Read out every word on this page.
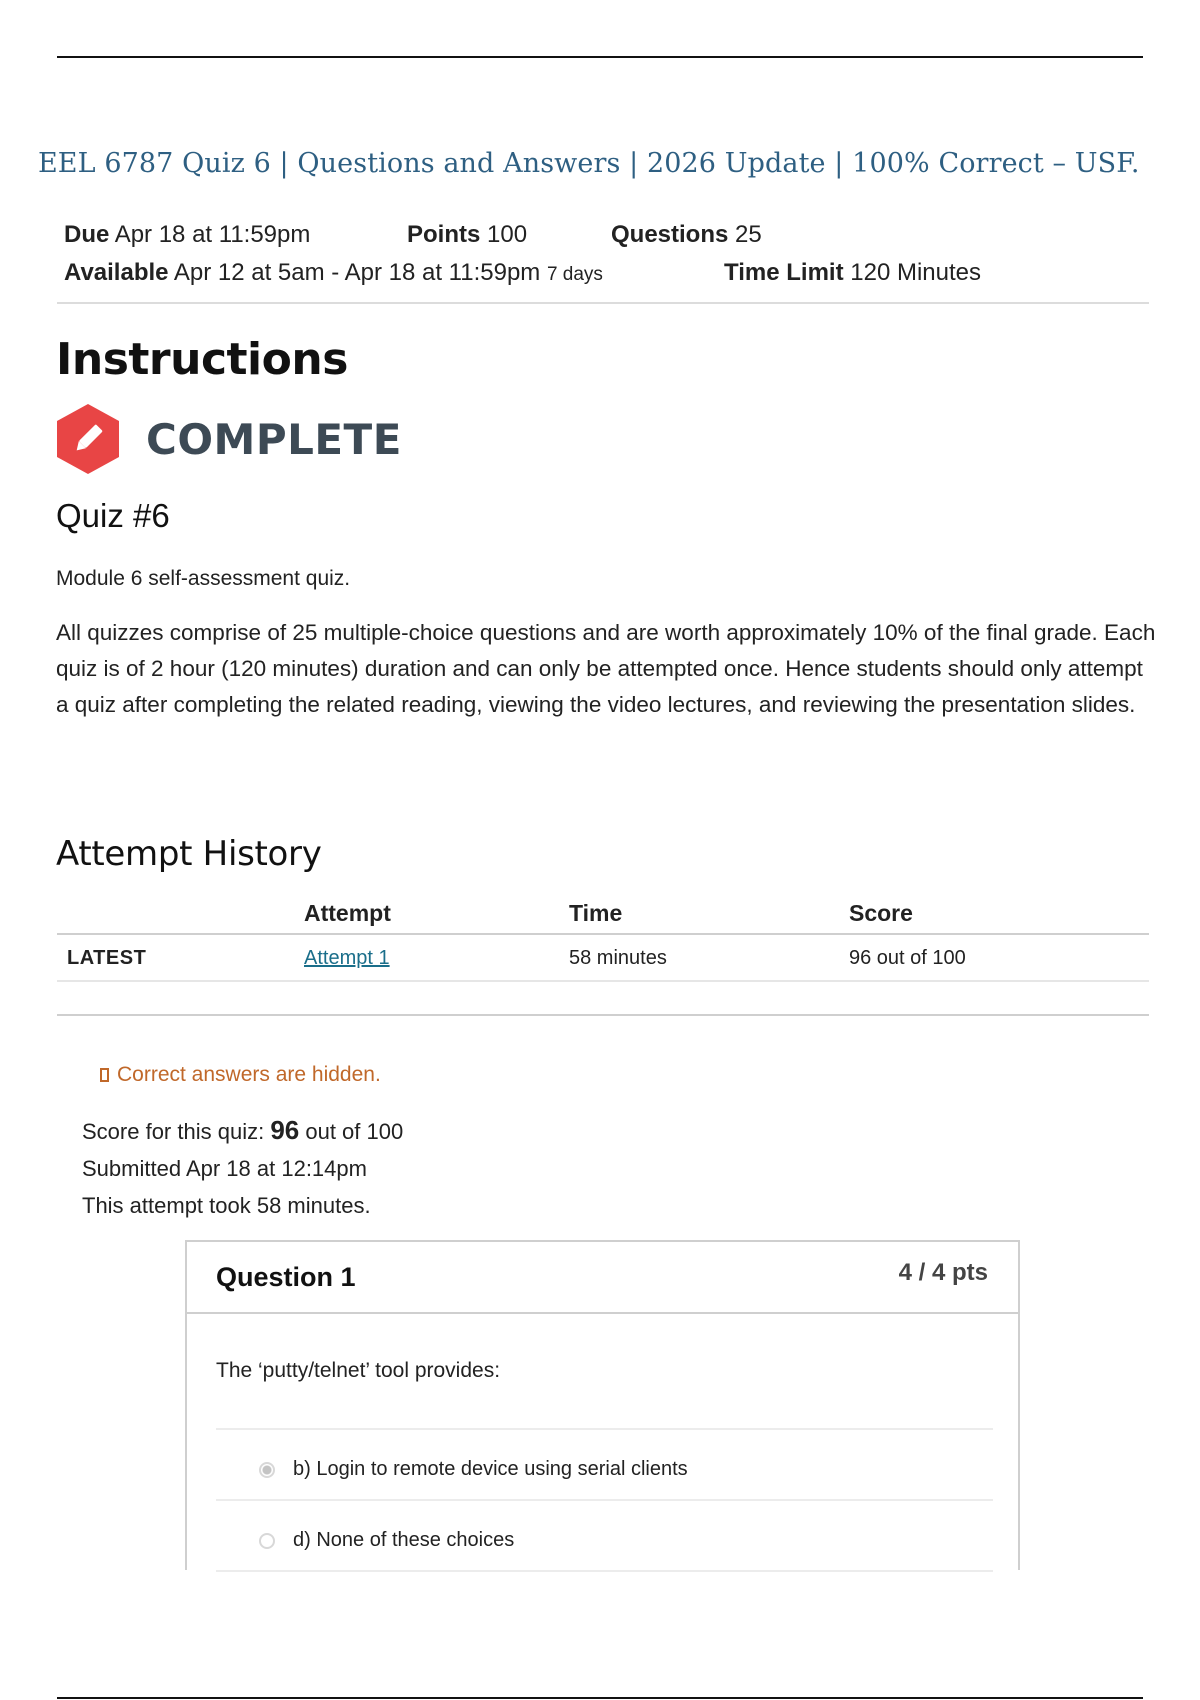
EEL 6787 Quiz 6 | Questions and Answers | 2026 Update | 100% Correct – USF.
Due Apr 18 at 11:59pm	Points 100	Questions 25
Available Apr 12 at 5am - Apr 18 at 11:59pm 7 days	Time Limit 120 Minutes
Instructions
COMPLETE
Quiz #6
Module 6 self-assessment quiz.
All quizzes comprise of 25 multiple-choice questions and are worth approximately 10% of the final grade. Each quiz is of 2 hour (120 minutes) duration and can only be attempted once. Hence students should only attempt a quiz after completing the related reading, viewing the video lectures, and reviewing the presentation slides.
Attempt History
	Attempt	Time	Score
LATEST	Attempt 1	58 minutes	96 out of 100
Correct answers are hidden.
Score for this quiz: 96 out of 100
Submitted Apr 18 at 12:14pm
This attempt took 58 minutes.
Question 1	4 / 4 pts
The ‘putty/telnet’ tool provides:
b) Login to remote device using serial clients
d) None of these choices
